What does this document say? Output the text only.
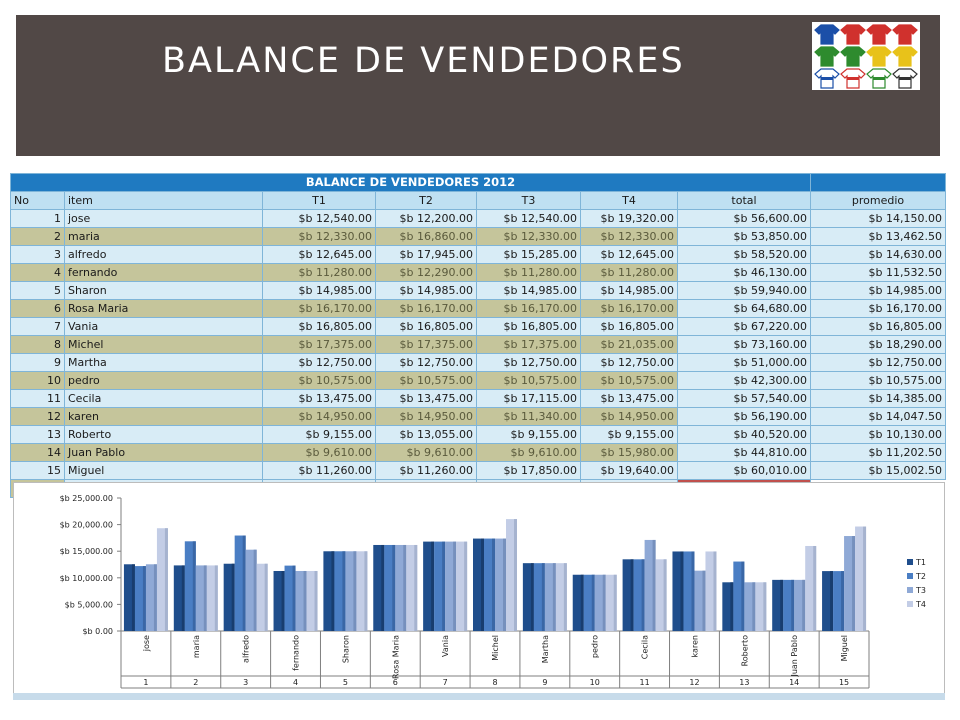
BALANCE DE VENDEDORES
BALANCE DE VENDEDORES 2012							
No	item	T1	T2	T3	T4	total	promedio
1	jose	$b 12,540.00	$b 12,200.00	$b 12,540.00	$b 19,320.00	$b 56,600.00	$b 14,150.00
2	maria	$b 12,330.00	$b 16,860.00	$b 12,330.00	$b 12,330.00	$b 53,850.00	$b 13,462.50
3	alfredo	$b 12,645.00	$b 17,945.00	$b 15,285.00	$b 12,645.00	$b 58,520.00	$b 14,630.00
4	fernando	$b 11,280.00	$b 12,290.00	$b 11,280.00	$b 11,280.00	$b 46,130.00	$b 11,532.50
5	Sharon	$b 14,985.00	$b 14,985.00	$b 14,985.00	$b 14,985.00	$b 59,940.00	$b 14,985.00
6	Rosa Maria	$b 16,170.00	$b 16,170.00	$b 16,170.00	$b 16,170.00	$b 64,680.00	$b 16,170.00
7	Vania	$b 16,805.00	$b 16,805.00	$b 16,805.00	$b 16,805.00	$b 67,220.00	$b 16,805.00
8	Michel	$b 17,375.00	$b 17,375.00	$b 17,375.00	$b 21,035.00	$b 73,160.00	$b 18,290.00
9	Martha	$b 12,750.00	$b 12,750.00	$b 12,750.00	$b 12,750.00	$b 51,000.00	$b 12,750.00
10	pedro	$b 10,575.00	$b 10,575.00	$b 10,575.00	$b 10,575.00	$b 42,300.00	$b 10,575.00
11	Cecila	$b 13,475.00	$b 13,475.00	$b 17,115.00	$b 13,475.00	$b 57,540.00	$b 14,385.00
12	karen	$b 14,950.00	$b 14,950.00	$b 11,340.00	$b 14,950.00	$b 56,190.00	$b 14,047.50
13	Roberto	$b 9,155.00	$b 13,055.00	$b 9,155.00	$b 9,155.00	$b 40,520.00	$b 10,130.00
14	Juan Pablo	$b 9,610.00	$b 9,610.00	$b 9,610.00	$b 15,980.00	$b 44,810.00	$b 11,202.50
15	Miguel	$b 11,260.00	$b 11,260.00	$b 17,850.00	$b 19,640.00	$b 60,010.00	$b 15,002.50

$b 0.00
$b 5,000.00
$b 10,000.00
$b 15,000.00
$b 20,000.00
$b 25,000.00
jose
1
maria
2
alfredo
3
fernando
4
Sharon
5
Rosa Maria
6
Vania
7
Michel
8
Martha
9
pedro
10
Cecila
11
karen
12
Roberto
13
Juan Pablo
14
Miguel
15
T1
T2
T3
T4
